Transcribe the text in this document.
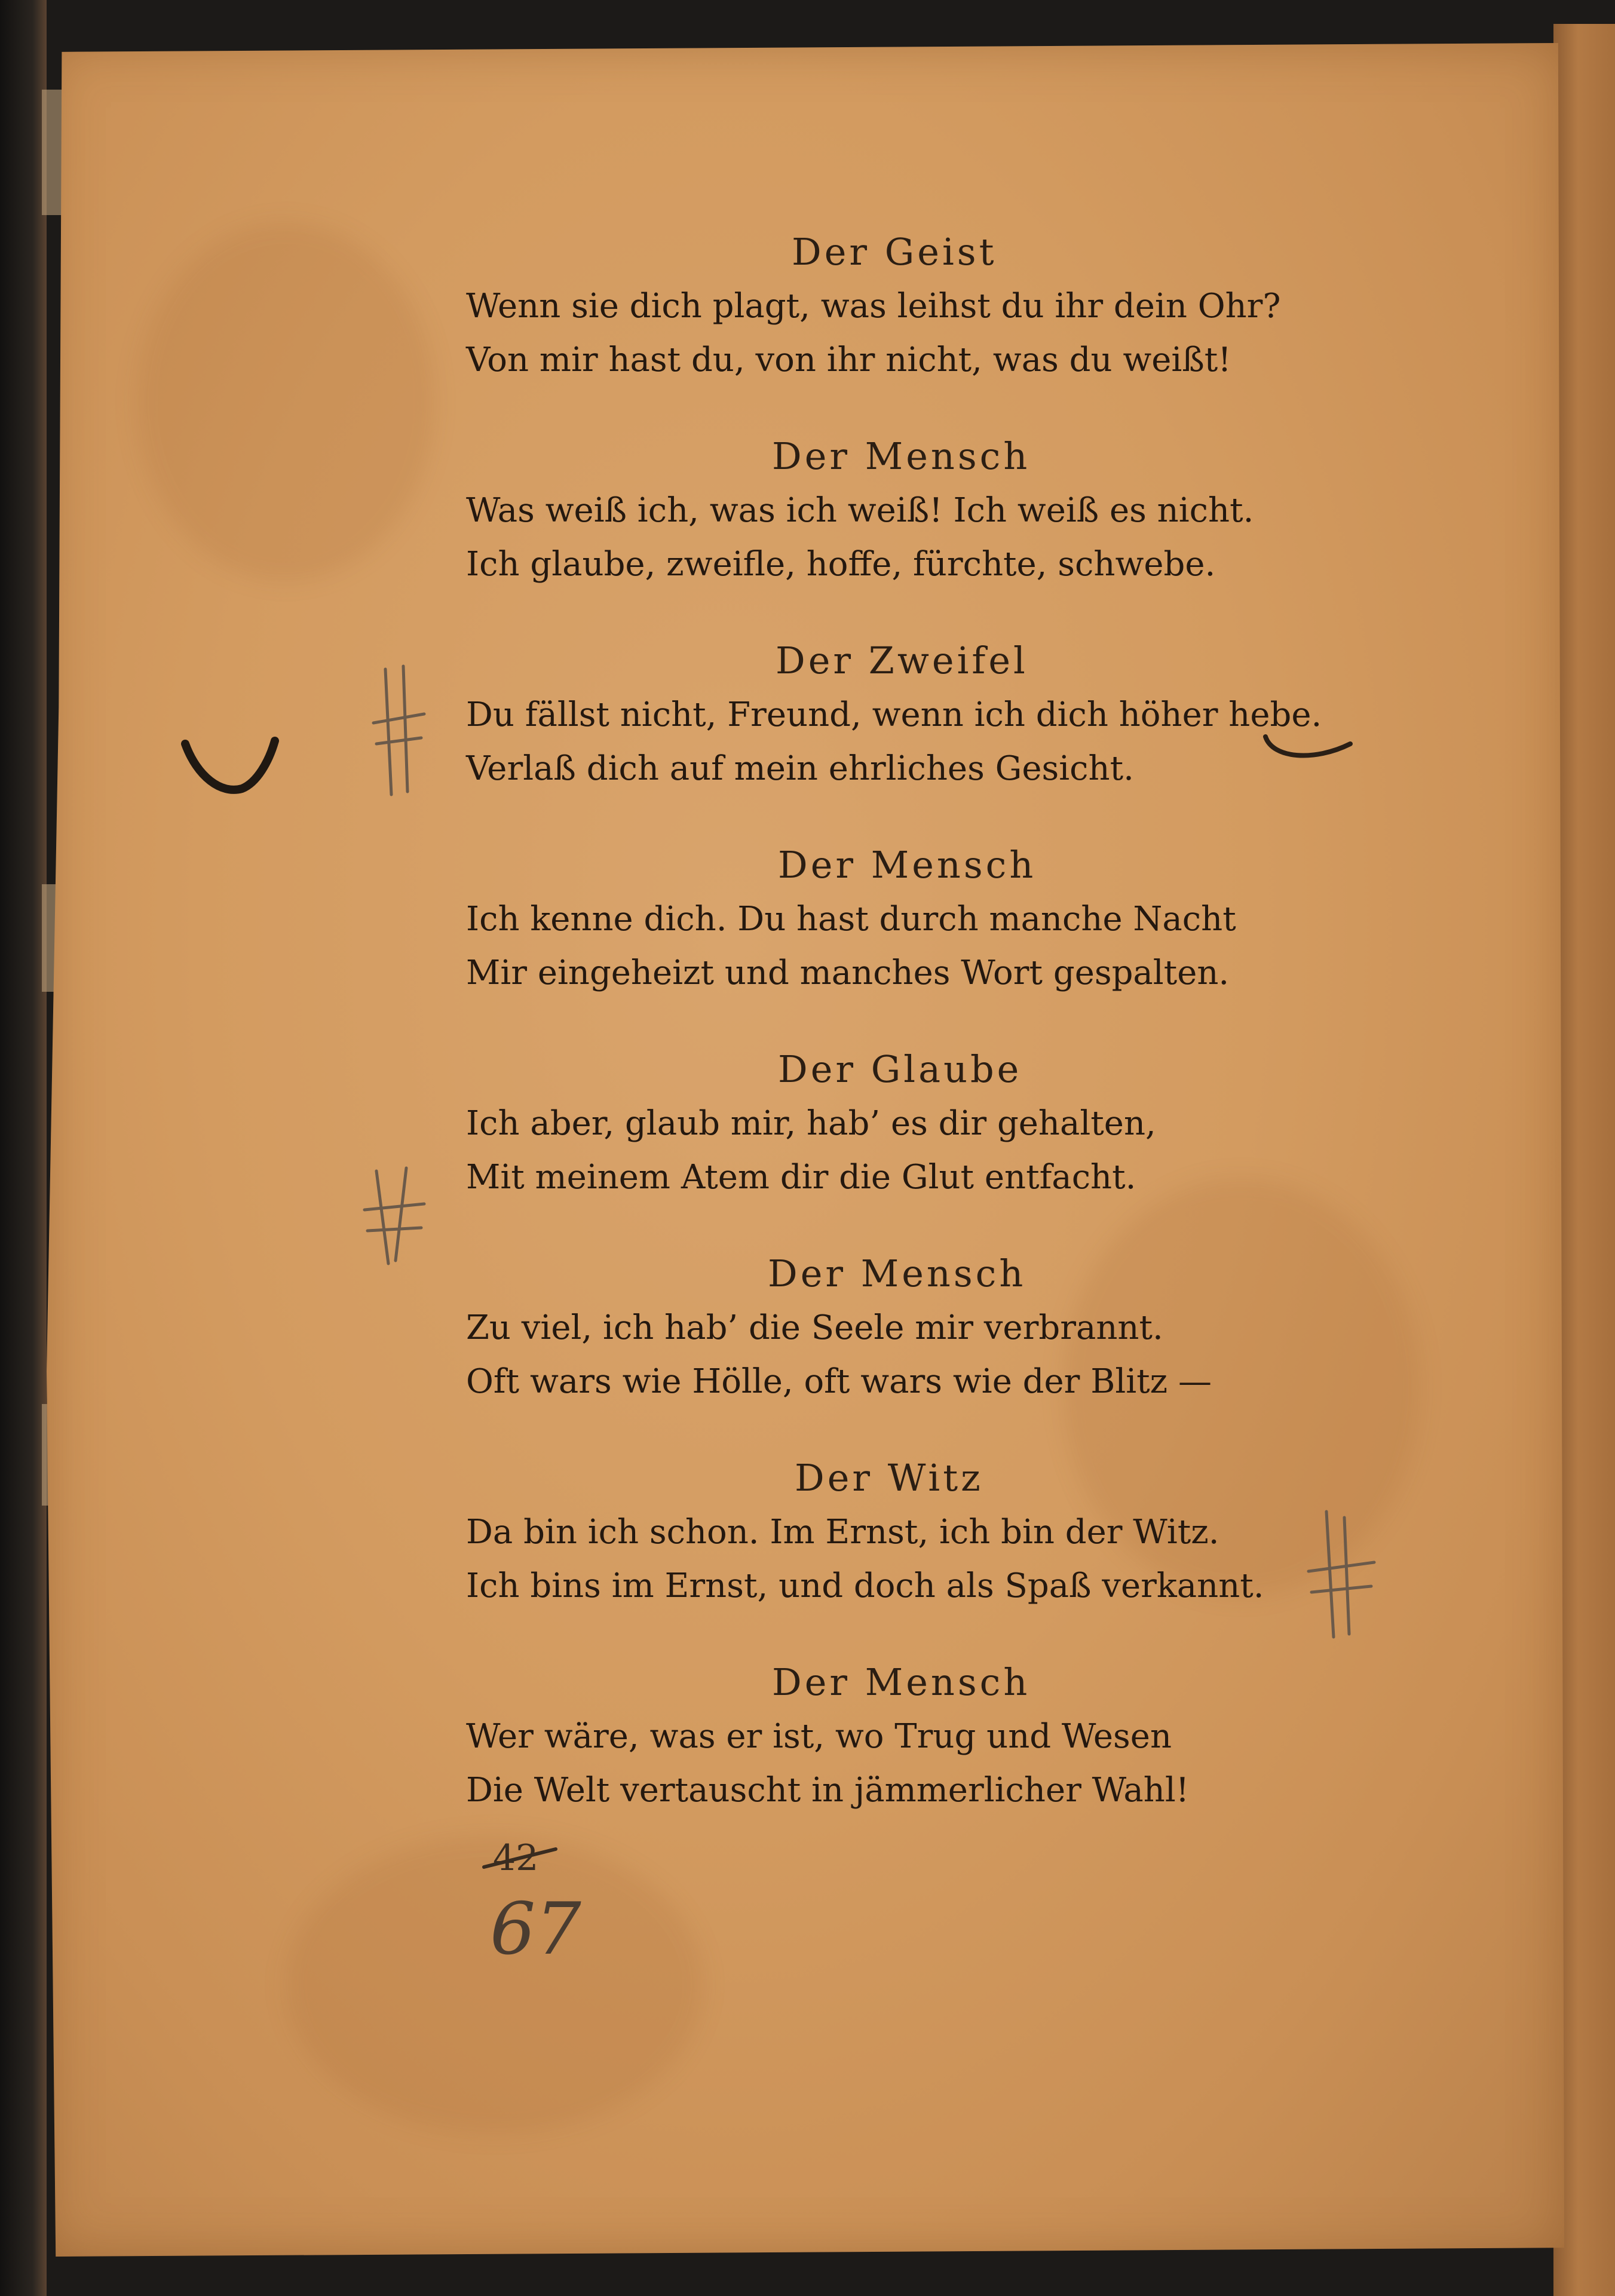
Der Geist
Wenn sie dich plagt, was leihst du ihr dein Ohr?
Von mir hast du, von ihr nicht, was du weißt!
Der Mensch
Was weiß ich, was ich weiß! Ich weiß es nicht.
Ich glaube, zweifle, hoffe, fürchte, schwebe.
Der Zweifel
Du fällst nicht, Freund, wenn ich dich höher hebe.
Verlaß dich auf mein ehrliches Gesicht.
Der Mensch
Ich kenne dich. Du hast durch manche Nacht
Mir eingeheizt und manches Wort gespalten.
Der Glaube
Ich aber, glaub mir, hab’ es dir gehalten,
Mit meinem Atem dir die Glut entfacht.
Der Mensch
Zu viel, ich hab’ die Seele mir verbrannt.
Oft wars wie Hölle, oft wars wie der Blitz —
Der Witz
Da bin ich schon. Im Ernst, ich bin der Witz.
Ich bins im Ernst, und doch als Spaß verkannt.
Der Mensch
Wer wäre, was er ist, wo Trug und Wesen
Die Welt vertauscht in jämmerlicher Wahl!
42
67
